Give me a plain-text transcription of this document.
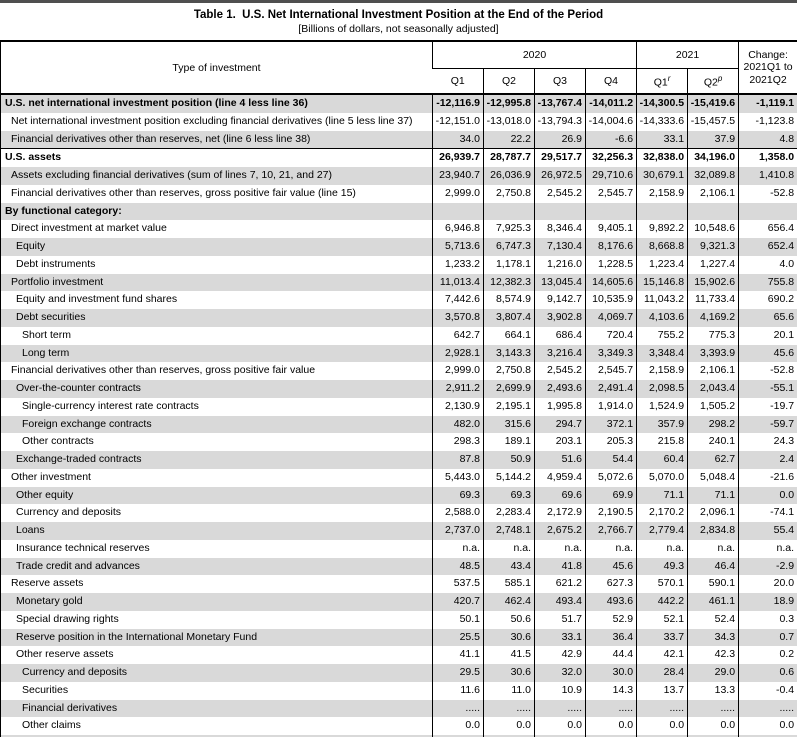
Table 1.  U.S. Net International Investment Position at the End of the Period
[Billions of dollars, not seasonally adjusted]
Type of investment	2020				2021		Change:
2021Q1 to
2021Q2

	Q1	Q2	Q3	Q4	Q1$^r$	Q2$^p$
U.S. net international investment position (line 4 less line 36)	-12,116.9	-12,995.8	-13,767.4	-14,011.2	-14,300.5	-15,419.6	-1,119.1
Net international investment position excluding financial derivatives (line 5 less line 37)	-12,151.0	-13,018.0	-13,794.3	-14,004.6	-14,333.6	-15,457.5	-1,123.8
Financial derivatives other than reserves, net (line 6 less line 38)	34.0	22.2	26.9	-6.6	33.1	37.9	4.8
U.S. assets	26,939.7	28,787.7	29,517.7	32,256.3	32,838.0	34,196.0	1,358.0
Assets excluding financial derivatives (sum of lines 7, 10, 21, and 27)	23,940.7	26,036.9	26,972.5	29,710.6	30,679.1	32,089.8	1,410.8
Financial derivatives other than reserves, gross positive fair value (line 15)	2,999.0	2,750.8	2,545.2	2,545.7	2,158.9	2,106.1	-52.8
By functional category:							
Direct investment at market value	6,946.8	7,925.3	8,346.4	9,405.1	9,892.2	10,548.6	656.4
Equity	5,713.6	6,747.3	7,130.4	8,176.6	8,668.8	9,321.3	652.4
Debt instruments	1,233.2	1,178.1	1,216.0	1,228.5	1,223.4	1,227.4	4.0
Portfolio investment	11,013.4	12,382.3	13,045.4	14,605.6	15,146.8	15,902.6	755.8
Equity and investment fund shares	7,442.6	8,574.9	9,142.7	10,535.9	11,043.2	11,733.4	690.2
Debt securities	3,570.8	3,807.4	3,902.8	4,069.7	4,103.6	4,169.2	65.6
Short term	642.7	664.1	686.4	720.4	755.2	775.3	20.1
Long term	2,928.1	3,143.3	3,216.4	3,349.3	3,348.4	3,393.9	45.6
Financial derivatives other than reserves, gross positive fair value	2,999.0	2,750.8	2,545.2	2,545.7	2,158.9	2,106.1	-52.8
Over-the-counter contracts	2,911.2	2,699.9	2,493.6	2,491.4	2,098.5	2,043.4	-55.1
Single-currency interest rate contracts	2,130.9	2,195.1	1,995.8	1,914.0	1,524.9	1,505.2	-19.7
Foreign exchange contracts	482.0	315.6	294.7	372.1	357.9	298.2	-59.7
Other contracts	298.3	189.1	203.1	205.3	215.8	240.1	24.3
Exchange-traded contracts	87.8	50.9	51.6	54.4	60.4	62.7	2.4
Other investment	5,443.0	5,144.2	4,959.4	5,072.6	5,070.0	5,048.4	-21.6
Other equity	69.3	69.3	69.6	69.9	71.1	71.1	0.0
Currency and deposits	2,588.0	2,283.4	2,172.9	2,190.5	2,170.2	2,096.1	-74.1
Loans	2,737.0	2,748.1	2,675.2	2,766.7	2,779.4	2,834.8	55.4
Insurance technical reserves	n.a.	n.a.	n.a.	n.a.	n.a.	n.a.	n.a.
Trade credit and advances	48.5	43.4	41.8	45.6	49.3	46.4	-2.9
Reserve assets	537.5	585.1	621.2	627.3	570.1	590.1	20.0
Monetary gold	420.7	462.4	493.4	493.6	442.2	461.1	18.9
Special drawing rights	50.1	50.6	51.7	52.9	52.1	52.4	0.3
Reserve position in the International Monetary Fund	25.5	30.6	33.1	36.4	33.7	34.3	0.7
Other reserve assets	41.1	41.5	42.9	44.4	42.1	42.3	0.2
Currency and deposits	29.5	30.6	32.0	30.0	28.4	29.0	0.6
Securities	11.6	11.0	10.9	14.3	13.7	13.3	-0.4
Financial derivatives	.....	.....	.....	.....	.....	.....	.....
Other claims	0.0	0.0	0.0	0.0	0.0	0.0	0.0
